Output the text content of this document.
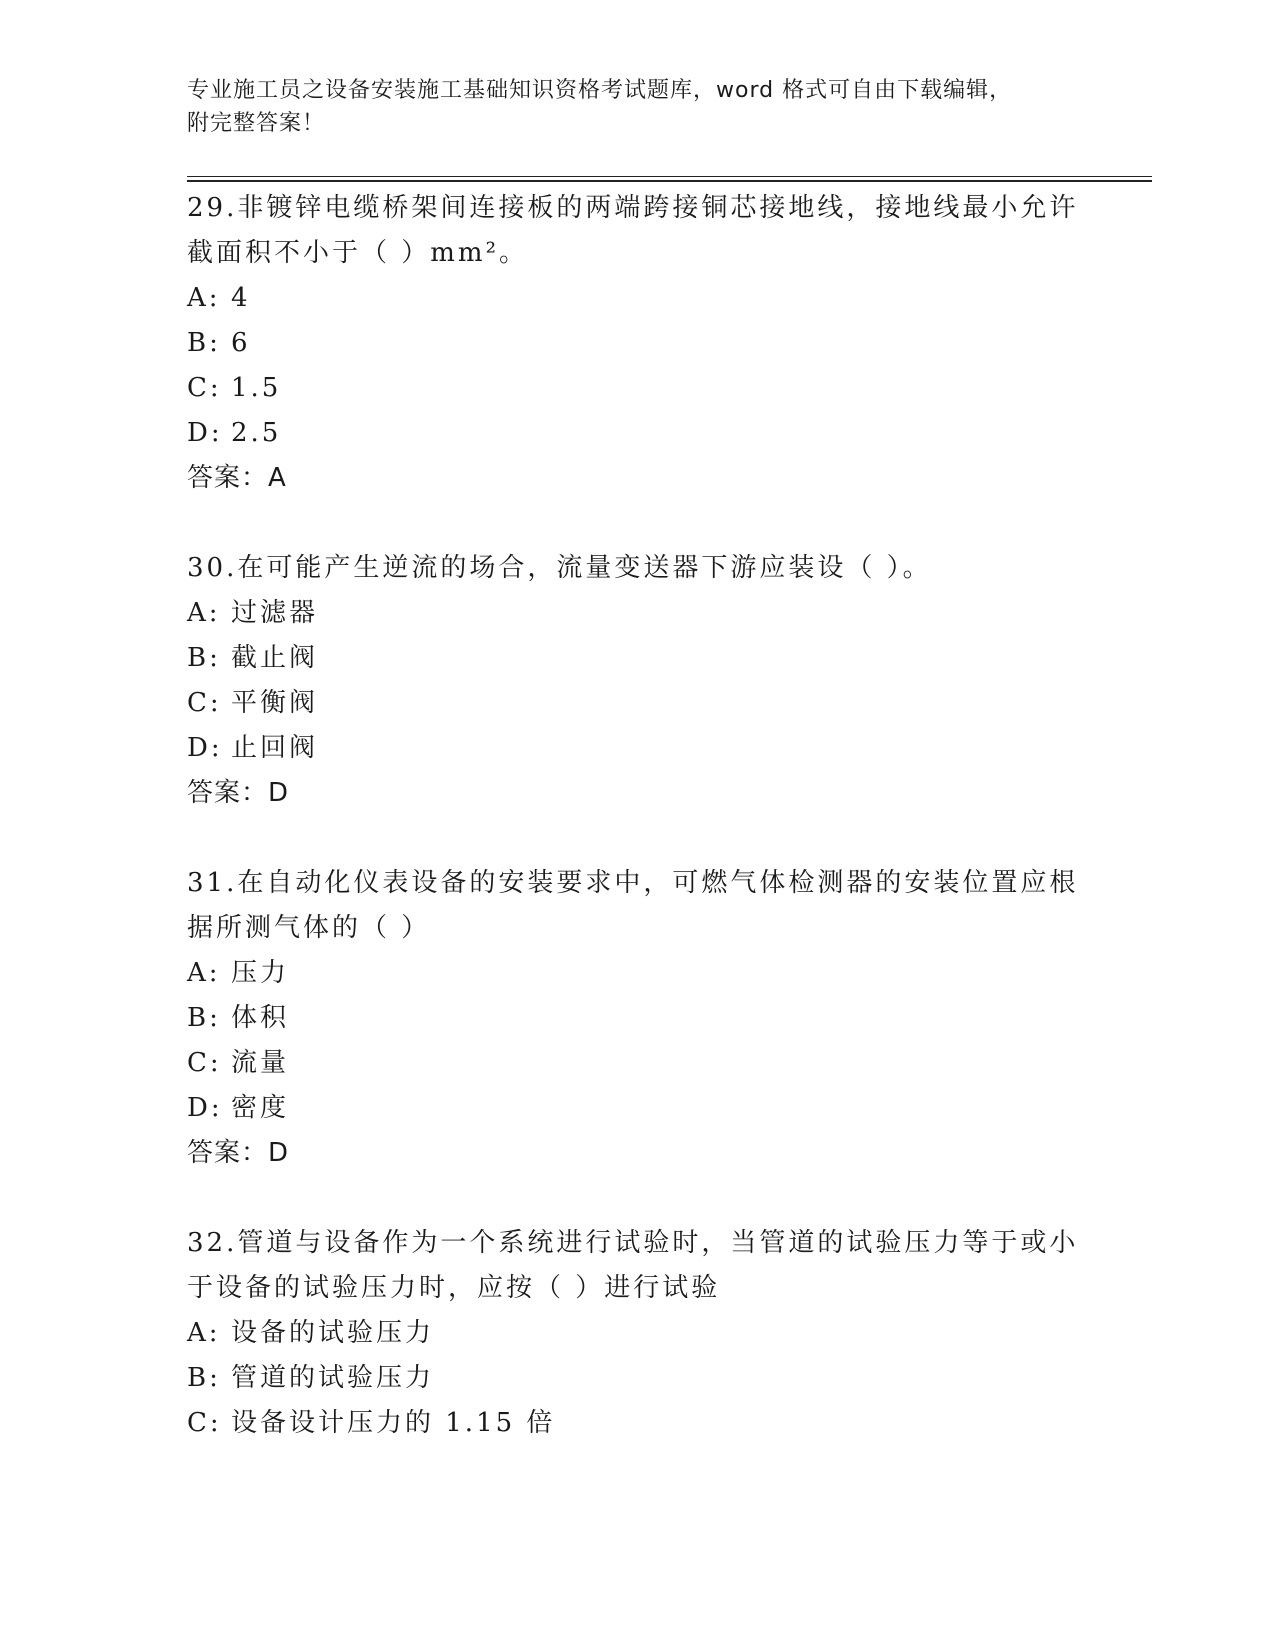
专业施工员之设备安装施工基础知识资格考试题库，word 格式可自由下载编辑，
附完整答案！

29.非镀锌电缆桥架间连接板的两端跨接铜芯接地线，接地线最小允许

截面积不小于（ ）mm²。

A: 4

B: 6

C: 1.5

D: 2.5

答案：A

30.在可能产生逆流的场合，流量变送器下游应装设（ ）。

A: 过滤器

B: 截止阀

C: 平衡阀

D: 止回阀

答案：D

31.在自动化仪表设备的安装要求中，可燃气体检测器的安装位置应根

据所测气体的（ ）

A: 压力

B: 体积

C: 流量

D: 密度

答案：D

32.管道与设备作为一个系统进行试验时，当管道的试验压力等于或小

于设备的试验压力时，应按（ ）进行试验

A: 设备的试验压力

B: 管道的试验压力

C: 设备设计压力的 1.15 倍
